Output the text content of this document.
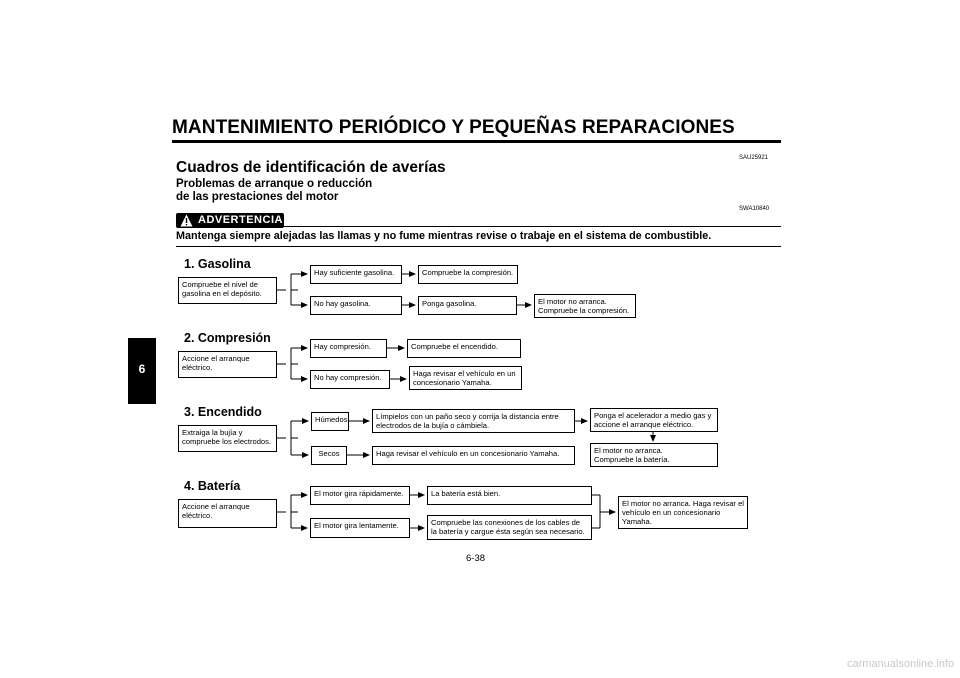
MANTENIMIENTO PERIÓDICO Y PEQUEÑAS REPARACIONES
SAU25921
Cuadros de identificación de averías
Problemas de arranque o reducción
de las prestaciones del motor
SWA10840
ADVERTENCIA
Mantenga siempre alejadas las llamas y no fume mientras revise o trabaje en el sistema de combustible.
6
1. Gasolina
Compruebe el nivel de
gasolina en el depósito.
Hay suficiente gasolina.	Compruebe la compresión.
No hay gasolina.	Ponga gasolina.	El motor no arranca.
Compruebe la compresión.
2. Compresión
Accione el arranque
eléctrico.
Hay compresión.	Compruebe el encendido.
No hay compresión.	Haga revisar el vehículo en un
concesionario Yamaha.
3. Encendido
Extraiga la bujía y
compruebe los electrodos.
Húmedos	Límpielos con un paño seco y corrija la distancia entre
electrodos de la bujía o cámbiela.
Ponga el acelerador a medio gas y
accione el arranque eléctrico.
El motor no arranca.
Compruebe la batería.
Secos	Haga revisar el vehículo en un concesionario Yamaha.
4. Batería
Accione el arranque
eléctrico.
El motor gira rápidamente.	La batería está bien.
El motor gira lentamente.	Compruebe las conexiones de los cables de
la batería y cargue ésta según sea necesario.
El motor no arranca. Haga revisar el
vehículo en un concesionario
Yamaha.
6-38
carmanualsonline.info
